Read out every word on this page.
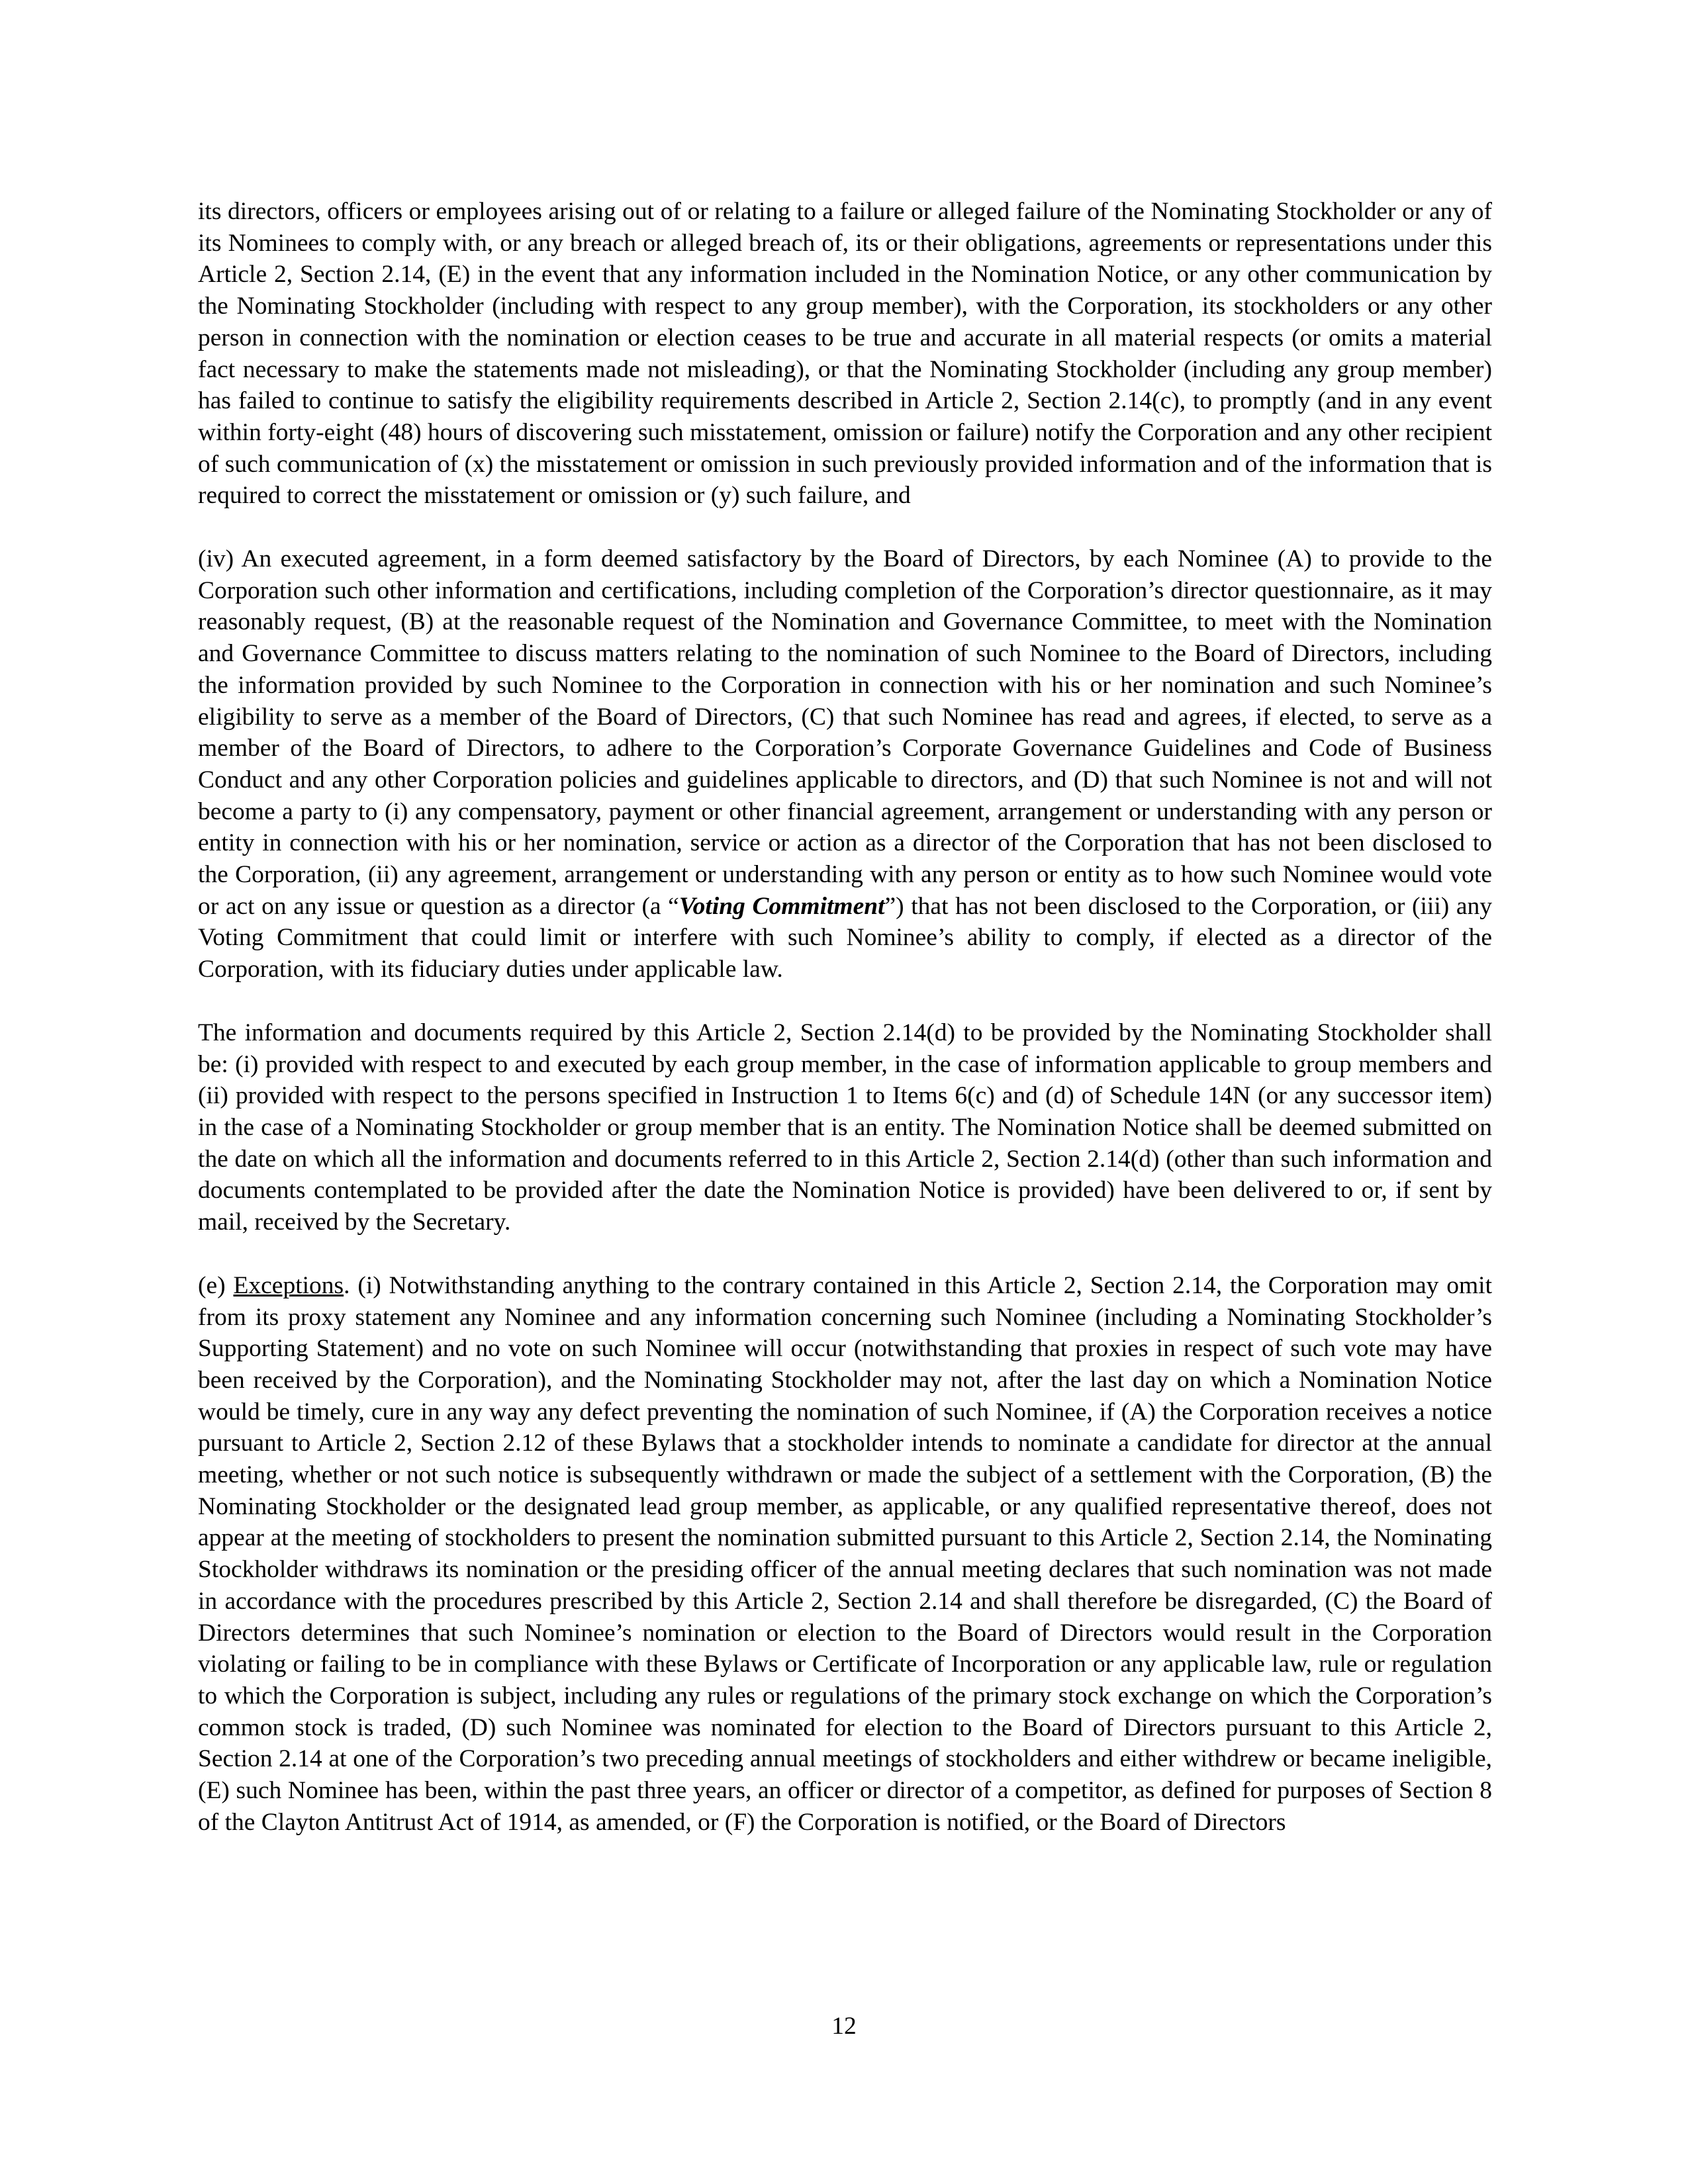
its directors, officers or employees arising out of or relating to a failure or alleged failure of the Nominating Stockholder or any of its Nominees to comply with, or any breach or alleged breach of, its or their obligations, agreements or representations under this Article 2, Section 2.14, (E) in the event that any information included in the Nomination Notice, or any other communication by the Nominating Stockholder (including with respect to any group member), with the Corporation, its stockholders or any other person in connection with the nomination or election ceases to be true and accurate in all material respects (or omits a material fact necessary to make the statements made not misleading), or that the Nominating Stockholder (including any group member) has failed to continue to satisfy the eligibility requirements described in Article 2, Section 2.14(c), to promptly (and in any event within forty-eight (48) hours of discovering such misstatement, omission or failure) notify the Corporation and any other recipient of such communication of (x) the misstatement or omission in such previously provided information and of the information that is required to correct the misstatement or omission or (y) such failure, and

(iv) An executed agreement, in a form deemed satisfactory by the Board of Directors, by each Nominee (A) to provide to the Corporation such other information and certifications, including completion of the Corporation’s director questionnaire, as it may reasonably request, (B) at the reasonable request of the Nomination and Governance Committee, to meet with the Nomination and Governance Committee to discuss matters relating to the nomination of such Nominee to the Board of Directors, including the information provided by such Nominee to the Corporation in connection with his or her nomination and such Nominee’s eligibility to serve as a member of the Board of Directors, (C) that such Nominee has read and agrees, if elected, to serve as a member of the Board of Directors, to adhere to the Corporation’s Corporate Governance Guidelines and Code of Business Conduct and any other Corporation policies and guidelines applicable to directors, and (D) that such Nominee is not and will not become a party to (i) any compensatory, payment or other financial agreement, arrangement or understanding with any person or entity in connection with his or her nomination, service or action as a director of the Corporation that has not been disclosed to the Corporation, (ii) any agreement, arrangement or understanding with any person or entity as to how such Nominee would vote or act on any issue or question as a director (a “Voting Commitment”) that has not been disclosed to the Corporation, or (iii) any Voting Commitment that could limit or interfere with such Nominee’s ability to comply, if elected as a director of the Corporation, with its fiduciary duties under applicable law.

The information and documents required by this Article 2, Section 2.14(d) to be provided by the Nominating Stockholder shall be: (i) provided with respect to and executed by each group member, in the case of information applicable to group members and (ii) provided with respect to the persons specified in Instruction 1 to Items 6(c) and (d) of Schedule 14N (or any successor item) in the case of a Nominating Stockholder or group member that is an entity. The Nomination Notice shall be deemed submitted on the date on which all the information and documents referred to in this Article 2, Section 2.14(d) (other than such information and documents contemplated to be provided after the date the Nomination Notice is provided) have been delivered to or, if sent by mail, received by the Secretary.

(e) Exceptions. (i) Notwithstanding anything to the contrary contained in this Article 2, Section 2.14, the Corporation may omit from its proxy statement any Nominee and any information concerning such Nominee (including a Nominating Stockholder’s Supporting Statement) and no vote on such Nominee will occur (notwithstanding that proxies in respect of such vote may have been received by the Corporation), and the Nominating Stockholder may not, after the last day on which a Nomination Notice would be timely, cure in any way any defect preventing the nomination of such Nominee, if (A) the Corporation receives a notice pursuant to Article 2, Section 2.12 of these Bylaws that a stockholder intends to nominate a candidate for director at the annual meeting, whether or not such notice is subsequently withdrawn or made the subject of a settlement with the Corporation, (B) the Nominating Stockholder or the designated lead group member, as applicable, or any qualified representative thereof, does not appear at the meeting of stockholders to present the nomination submitted pursuant to this Article 2, Section 2.14, the Nominating Stockholder withdraws its nomination or the presiding officer of the annual meeting declares that such nomination was not made in accordance with the procedures prescribed by this Article 2, Section 2.14 and shall therefore be disregarded, (C) the Board of Directors determines that such Nominee’s nomination or election to the Board of Directors would result in the Corporation violating or failing to be in compliance with these Bylaws or Certificate of Incorporation or any applicable law, rule or regulation to which the Corporation is subject, including any rules or regulations of the primary stock exchange on which the Corporation’s common stock is traded, (D) such Nominee was nominated for election to the Board of Directors pursuant to this Article 2, Section 2.14 at one of the Corporation’s two preceding annual meetings of stockholders and either withdrew or became ineligible, (E) such Nominee has been, within the past three years, an officer or director of a competitor, as defined for purposes of Section 8 of the Clayton Antitrust Act of 1914, as amended, or (F) the Corporation is notified, or the Board of Directors

12
